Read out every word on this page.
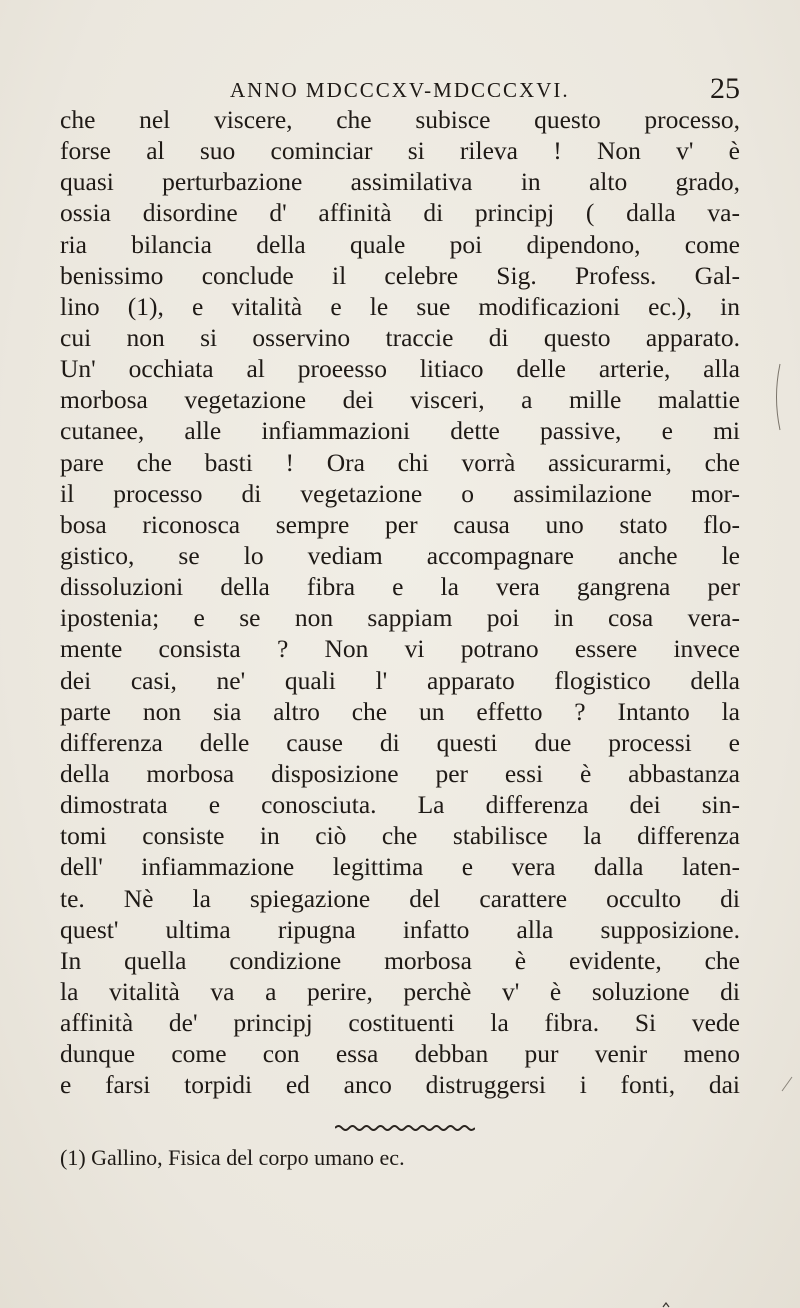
ANNO MDCCCXV-MDCCCXVI.	25
che nel viscere, che subisce questo processo,
forse al suo cominciar si rileva ! Non v' è
quasi perturbazione assimilativa in alto grado,
ossia disordine d' affinità di principj ( dalla va-
ria bilancia della quale poi dipendono, come
benissimo conclude il celebre Sig. Profess. Gal-
lino (1), e vitalità e le sue modificazioni ec.), in
cui non si osservino traccie di questo apparato.
Un' occhiata al proeesso litiaco delle arterie, alla
morbosa vegetazione dei visceri, a mille malattie
cutanee, alle infiammazioni dette passive, e mi
pare che basti ! Ora chi vorrà assicurarmi, che
il processo di vegetazione o assimilazione mor-
bosa riconosca sempre per causa uno stato flo-
gistico, se lo vediam accompagnare anche le
dissoluzioni della fibra e la vera gangrena per
ipostenia; e se non sappiam poi in cosa vera-
mente consista ? Non vi potrano essere invece
dei casi, ne' quali l' apparato flogistico della
parte non sia altro che un effetto ? Intanto la
differenza delle cause di questi due processi e
della morbosa disposizione per essi è abbastanza
dimostrata e conosciuta. La differenza dei sin-
tomi consiste in ciò che stabilisce la differenza
dell' infiammazione legittima e vera dalla laten-
te. Nè la spiegazione del carattere occulto di
quest' ultima ripugna infatto alla supposizione.
In quella condizione morbosa è evidente, che
la vitalità va a perire, perchè v' è soluzione di
affinità de' principj costituenti la fibra. Si vede
dunque come con essa debban pur venir meno
e farsi torpidi ed anco distruggersi i fonti, dai
(1) Gallino, Fisica del corpo umano ec.
